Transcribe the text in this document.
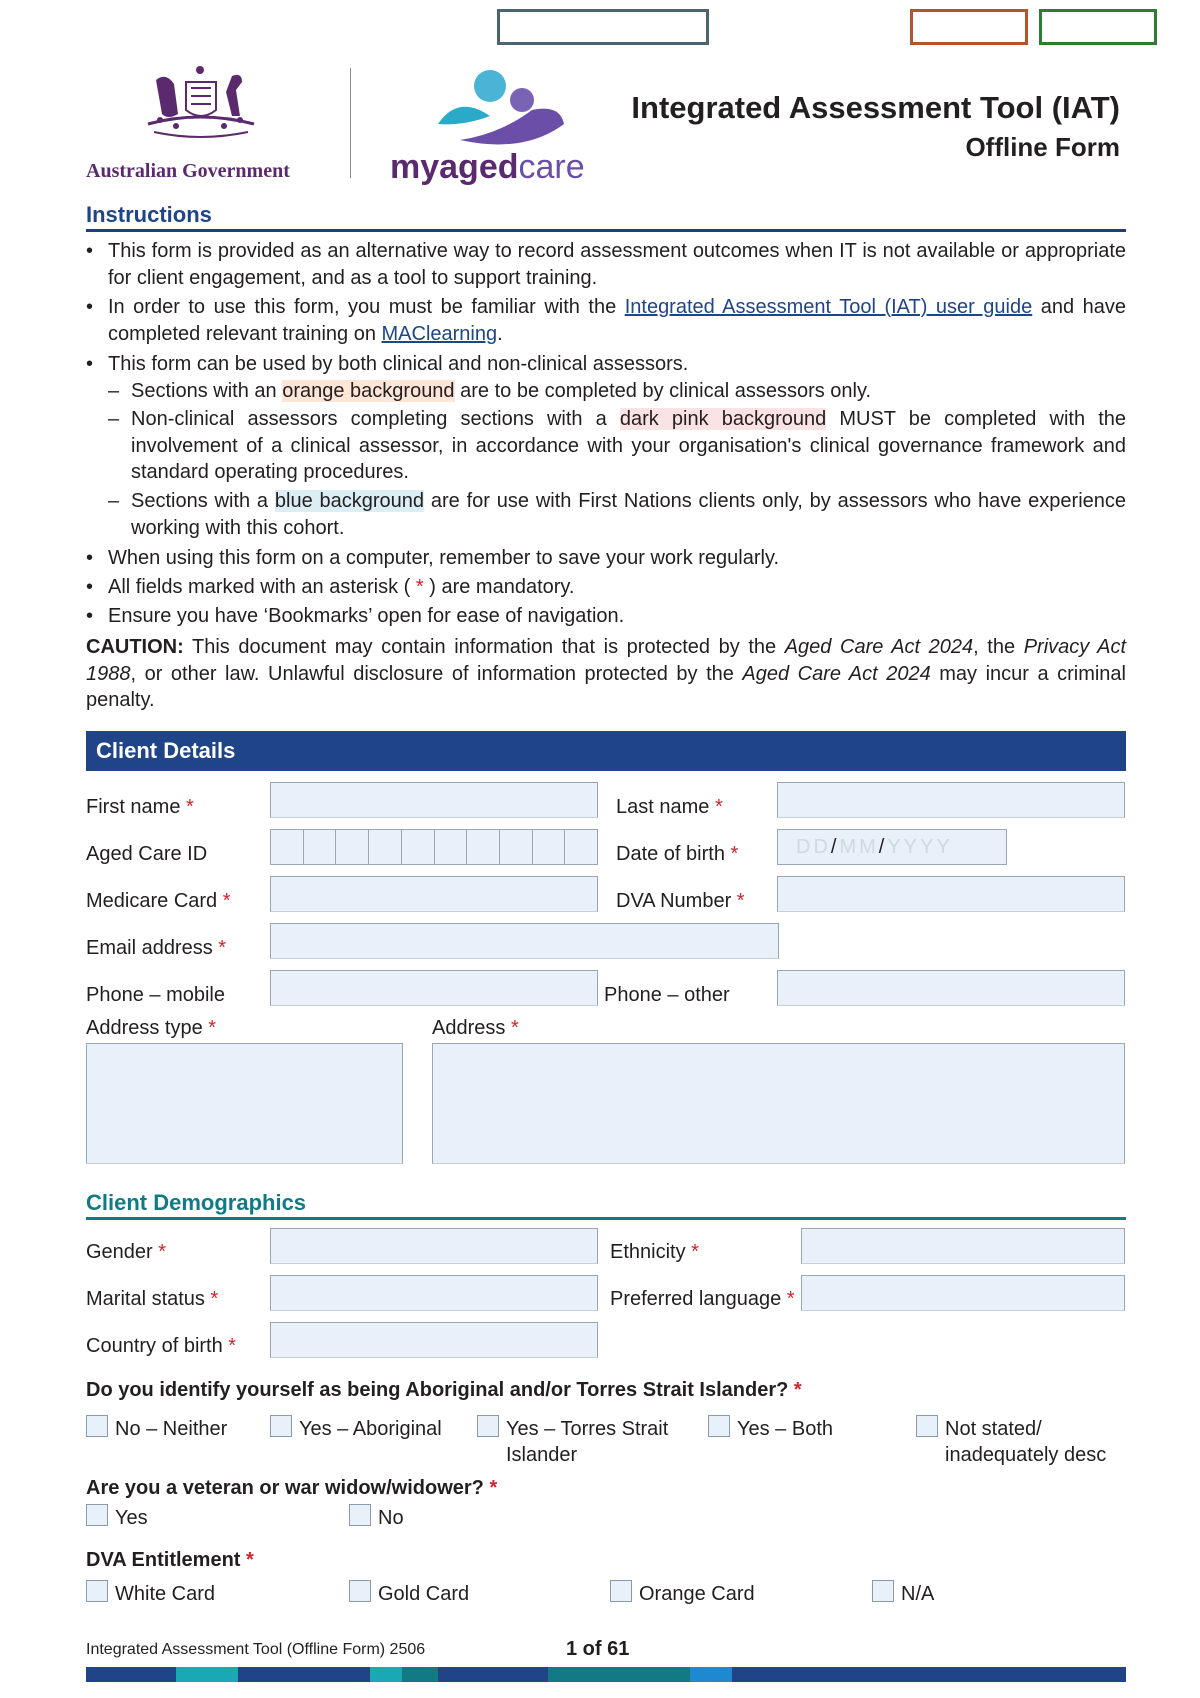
Australian Government	myagedcare
Integrated Assessment Tool (IAT)
Offline Form
Instructions
• This form is provided as an alternative way to record assessment outcomes when IT is not available or appropriate for client engagement, and as a tool to support training.
• In order to use this form, you must be familiar with the Integrated Assessment Tool (IAT) user guide and have completed relevant training on MAClearning.
• This form can be used by both clinical and non-clinical assessors.
– Sections with an orange background are to be completed by clinical assessors only.
– Non-clinical assessors completing sections with a dark pink background MUST be completed with the involvement of a clinical assessor, in accordance with your organisation's clinical governance framework and standard operating procedures.
– Sections with a blue background are for use with First Nations clients only, by assessors who have experience working with this cohort.
• When using this form on a computer, remember to save your work regularly.
• All fields marked with an asterisk ( * ) are mandatory.
• Ensure you have ‘Bookmarks’ open for ease of navigation.
CAUTION: This document may contain information that is protected by the Aged Care Act 2024, the Privacy Act 1988, or other law. Unlawful disclosure of information protected by the Aged Care Act 2024 may incur a criminal penalty.
Client Details
First name *	Last name *
Aged Care ID	Date of birth *	DD/MM/YYYY
Medicare Card *	DVA Number *
Email address *
Phone – mobile	Phone – other
Address type *	Address *
Client Demographics
Gender *	Ethnicity *
Marital status *	Preferred language *
Country of birth *
Do you identify yourself as being Aboriginal and/or Torres Strait Islander? *
No – Neither	Yes – Aboriginal	Yes – Torres Strait Islander
Yes – Both	Not stated/ inadequately desc
Are you a veteran or war widow/widower? *
Yes	No
DVA Entitlement *
White Card	Gold Card	Orange Card	N/A
Integrated Assessment Tool (Offline Form) 2506	1 of 61
